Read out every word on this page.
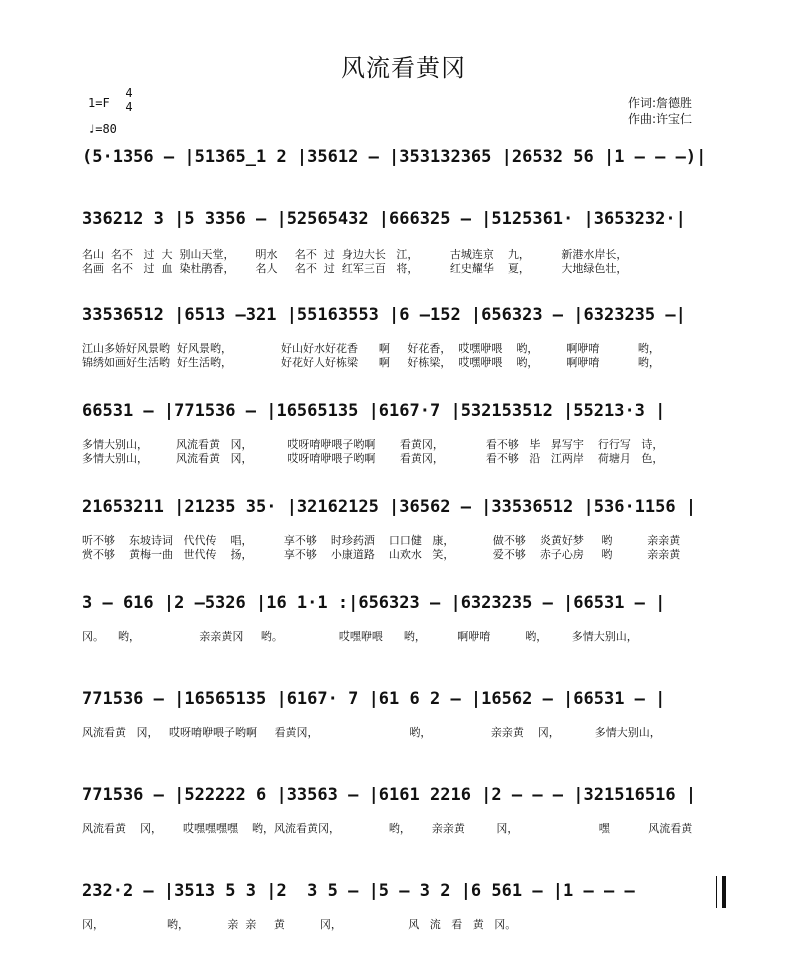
风流看黄冈
1=F
4
4
♩=80
作词:詹德胜
作曲:许宝仁
(5·1356 – |51365̲1 2 |35612 – |353132365 |26532 56 |1 – – –)|
336212 3 |5 3356 – |52565432 |666325 – |5125361· |3653232·|
名山  名不   过  大  别山天堂，      明水     名不  过  身边大长   江，         古城连京    九，         新港水岸长，
名画  名不   过  血  染杜鹃香，      名人     名不  过  红军三百   将，         红史耀华    夏，         大地绿色壮，
33536512 |6513 –321 |55163553 |6 –152 |656323 – |6323235 –|
江山多娇好风景哟  好风景哟，              好山好水好花香      啊     好花香，  哎嘿咿喂    哟，        啊咿唷           哟，
锦绣如画好生活哟  好生活哟，              好花好人好栋梁      啊     好栋梁，  哎嘿咿喂    哟，        啊咿唷           哟，
66531 – |771536 – |16565135 |6167·7 |532153512 |55213·3 |
多情大别山，        风流看黄   冈，          哎呀唷咿喂子哟啊       看黄冈，            看不够   毕   昇写宇    行行写   诗，
多情大别山，        风流看黄   冈，          哎呀唷咿喂子哟啊       看黄冈，            看不够   沿   江两岸    荷塘月   色，
21653211 |21235 35· |32162125 |36562 – |33536512 |536·1156 |
听不够    东坡诗词   代代传    唱，         享不够    时珍药酒    口口健   康，           做不够    炎黄好梦     哟          亲亲黄
赏不够    黄梅一曲   世代传    扬，         享不够    小康道路    山欢水   笑，           爱不够    赤子心房     哟          亲亲黄
3 – 616 |2 –5326 |16 1·1 :|656323 – |6323235 – |66531 – |
冈。    哟，                 亲亲黄冈     哟。                哎嘿咿喂      哟，         啊咿唷          哟，       多情大别山，
771536 – |16565135 |6167· 7 |61 6 2 – |16562 – |66531 – |
风流看黄   冈，   哎呀唷咿喂子哟啊     看黄冈，                          哟，                 亲亲黄    冈，          多情大别山，
771536 – |522222 6 |33563 – |6161 2216 |2 – – – |321516516 |
风流看黄    冈，      哎嘿嘿嘿嘿    哟，风流看黄冈，              哟，      亲亲黄         冈，                       嘿           风流看黄
232·2 – |3513 5 3 |2  3 5 – |5 – 3 2 |6 561 – |1 – – –
冈，                  哟，           亲  亲     黄          冈，                   风   流   看   黄   冈。
